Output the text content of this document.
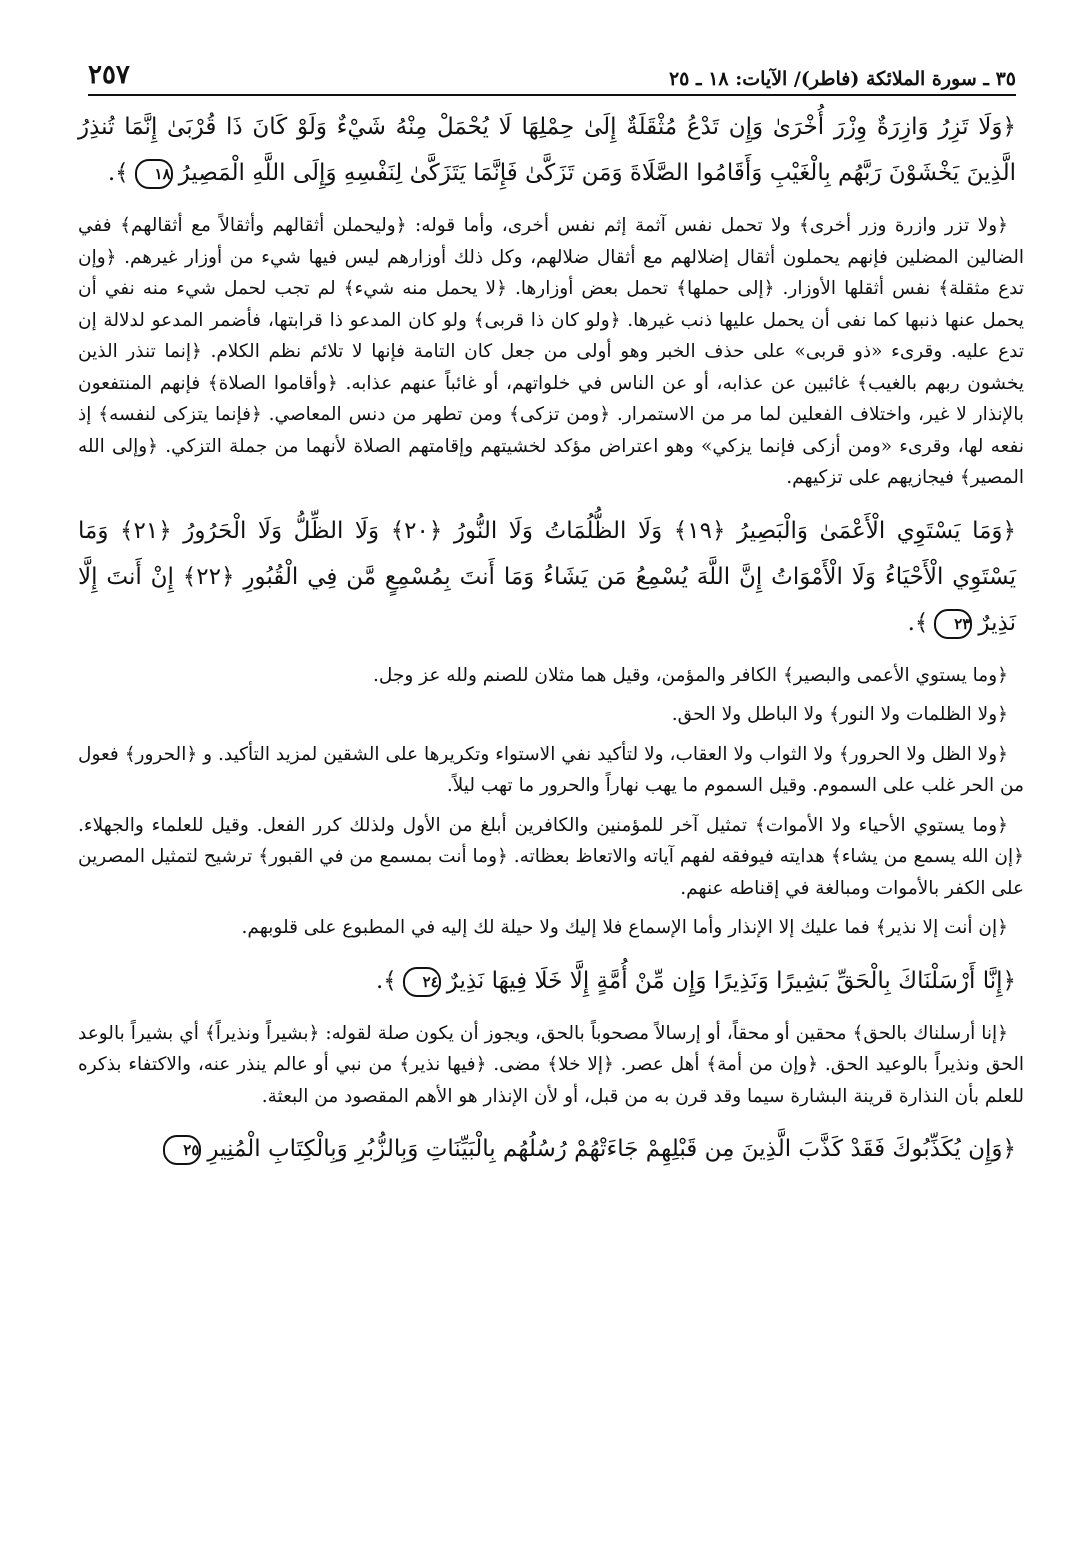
٣٥ ـ سورة الملائكة (فاطر)/ الآيات: ١٨ ـ ٢٥
٢٥٧
﴿وَلَا تَزِرُ وَازِرَةٌ وِزْرَ أُخْرَىٰ وَإِن تَدْعُ مُثْقَلَةٌ إِلَىٰ حِمْلِهَا لَا يُحْمَلْ مِنْهُ شَيْءٌ وَلَوْ كَانَ ذَا قُرْبَىٰ إِنَّمَا تُنذِرُ الَّذِينَ يَخْشَوْنَ رَبَّهُم بِالْغَيْبِ وَأَقَامُوا الصَّلَاةَ وَمَن تَزَكَّىٰ فَإِنَّمَا يَتَزَكَّىٰ لِنَفْسِهِ وَإِلَى اللَّهِ الْمَصِيرُ١٨﴾.

﴿ولا تزر وازرة وزر أخرى﴾ ولا تحمل نفس آثمة إثم نفس أخرى، وأما قوله: ﴿وليحملن أثقالهم وأثقالاً مع أثقالهم﴾ ففي الضالين المضلين فإنهم يحملون أثقال إضلالهم مع أثقال ضلالهم، وكل ذلك أوزارهم ليس فيها شيء من أوزار غيرهم. ﴿وإن تدع مثقلة﴾ نفس أثقلها الأوزار. ﴿إلى حملها﴾ تحمل بعض أوزارها. ﴿لا يحمل منه شيء﴾ لم تجب لحمل شيء منه نفي أن يحمل عنها ذنبها كما نفى أن يحمل عليها ذنب غيرها. ﴿ولو كان ذا قربى﴾ ولو كان المدعو ذا قرابتها، فأضمر المدعو لدلالة إن تدع عليه. وقرىء «ذو قربى» على حذف الخبر وهو أولى من جعل كان التامة فإنها لا تلائم نظم الكلام. ﴿إنما تنذر الذين يخشون ربهم بالغيب﴾ غائبين عن عذابه، أو عن الناس في خلواتهم، أو غائباً عنهم عذابه. ﴿وأقاموا الصلاة﴾ فإنهم المنتفعون بالإنذار لا غير، واختلاف الفعلين لما مر من الاستمرار. ﴿ومن تزكى﴾ ومن تطهر من دنس المعاصي. ﴿فإنما يتزكى لنفسه﴾ إذ نفعه لها، وقرىء «ومن أزكى فإنما يزكي» وهو اعتراض مؤكد لخشيتهم وإقامتهم الصلاة لأنهما من جملة التزكي. ﴿وإلى الله المصير﴾ فيجازيهم على تزكيهم.

﴿وَمَا يَسْتَوِي الْأَعْمَىٰ وَالْبَصِيرُ ﴿١٩﴾ وَلَا الظُّلُمَاتُ وَلَا النُّورُ ﴿٢٠﴾ وَلَا الظِّلُّ وَلَا الْحَرُورُ ﴿٢١﴾ وَمَا يَسْتَوِي الْأَحْيَاءُ وَلَا الْأَمْوَاتُ إِنَّ اللَّهَ يُسْمِعُ مَن يَشَاءُ وَمَا أَنتَ بِمُسْمِعٍ مَّن فِي الْقُبُورِ ﴿٢٢﴾ إِنْ أَنتَ إِلَّا نَذِيرٌ٢٣﴾.

﴿وما يستوي الأعمى والبصير﴾ الكافر والمؤمن، وقيل هما مثلان للصنم ولله عز وجل.

﴿ولا الظلمات ولا النور﴾ ولا الباطل ولا الحق.

﴿ولا الظل ولا الحرور﴾ ولا الثواب ولا العقاب، ولا لتأكيد نفي الاستواء وتكريرها على الشقين لمزيد التأكيد. و ﴿الحرور﴾ فعول من الحر غلب على السموم. وقيل السموم ما يهب نهاراً والحرور ما تهب ليلاً.

﴿وما يستوي الأحياء ولا الأموات﴾ تمثيل آخر للمؤمنين والكافرين أبلغ من الأول ولذلك كرر الفعل. وقيل للعلماء والجهلاء. ﴿إن الله يسمع من يشاء﴾ هدايته فيوفقه لفهم آياته والاتعاظ بعظاته. ﴿وما أنت بمسمع من في القبور﴾ ترشيح لتمثيل المصرين على الكفر بالأموات ومبالغة في إقناطه عنهم.

﴿إن أنت إلا نذير﴾ فما عليك إلا الإنذار وأما الإسماع فلا إليك ولا حيلة لك إليه في المطبوع على قلوبهم.

﴿إِنَّا أَرْسَلْنَاكَ بِالْحَقِّ بَشِيرًا وَنَذِيرًا وَإِن مِّنْ أُمَّةٍ إِلَّا خَلَا فِيهَا نَذِيرٌ٢٤﴾.

﴿إنا أرسلناك بالحق﴾ محقين أو محقاً، أو إرسالاً مصحوباً بالحق، ويجوز أن يكون صلة لقوله: ﴿بشيراً ونذيراً﴾ أي بشيراً بالوعد الحق ونذيراً بالوعيد الحق. ﴿وإن من أمة﴾ أهل عصر. ﴿إلا خلا﴾ مضى. ﴿فيها نذير﴾ من نبي أو عالم ينذر عنه، والاكتفاء بذكره للعلم بأن النذارة قرينة البشارة سيما وقد قرن به من قبل، أو لأن الإنذار هو الأهم المقصود من البعثة.

﴿وَإِن يُكَذِّبُوكَ فَقَدْ كَذَّبَ الَّذِينَ مِن قَبْلِهِمْ جَاءَتْهُمْ رُسُلُهُم بِالْبَيِّنَاتِ وَبِالزُّبُرِ وَبِالْكِتَابِ الْمُنِيرِ٢٥
